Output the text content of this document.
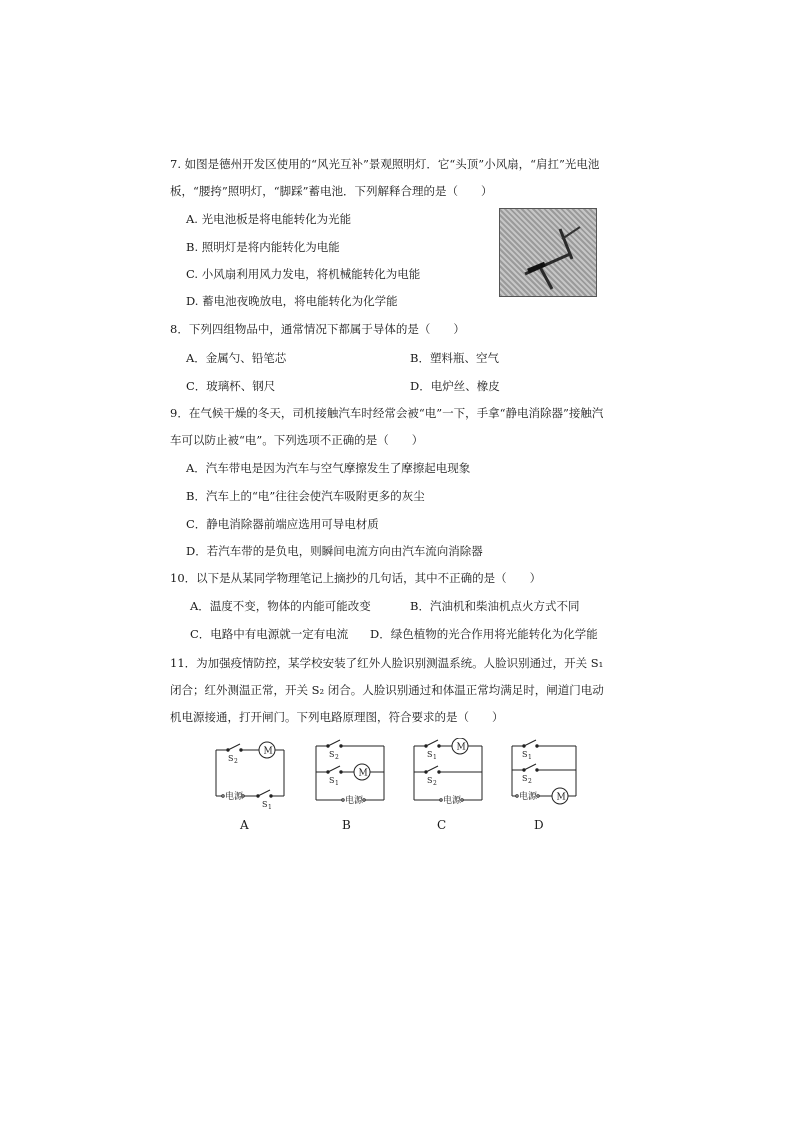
7. 如图是德州开发区使用的“风光互补”景观照明灯．它“头顶”小风扇，“肩扛”光电池
板，“腰挎”照明灯，“脚踩”蓄电池．下列解释合理的是（　　）
A. 光电池板是将电能转化为光能
B. 照明灯是将内能转化为电能
C. 小风扇利用风力发电，将机械能转化为电能
D. 蓄电池夜晚放电，将电能转化为化学能
8．下列四组物品中，通常情况下都属于导体的是（　　）
A．金属勺、铅笔芯	B．塑料瓶、空气
C．玻璃杯、钢尺	D．电炉丝、橡皮
9．在气候干燥的冬天，司机接触汽车时经常会被“电”一下，手拿“静电消除器”接触汽
车可以防止被“电”。下列选项不正确的是（　　）
A．汽车带电是因为汽车与空气摩擦发生了摩擦起电现象
B．汽车上的“电”往往会使汽车吸附更多的灰尘
C．静电消除器前端应选用可导电材质
D．若汽车带的是负电，则瞬间电流方向由汽车流向消除器
10．以下是从某同学物理笔记上摘抄的几句话，其中不正确的是（　　）
A．温度不变，物体的内能可能改变	B．汽油机和柴油机点火方式不同
C．电路中有电源就一定有电流 D．绿色植物的光合作用将光能转化为化学能
11．为加强疫情防控，某学校安装了红外人脸识别测温系统。人脸识别通过，开关 S₁
闭合；红外测温正常，开关 S₂ 闭合。人脸识别通过和体温正常均满足时，闸道门电动
机电源接通，打开闸门。下列电路原理图，符合要求的是（　　）
M
电源
S 2
S 1
M
电源
S 2
S 1
M
电源
S 1
S 2
电源 M
S 1
S 2
A	B	C	D
